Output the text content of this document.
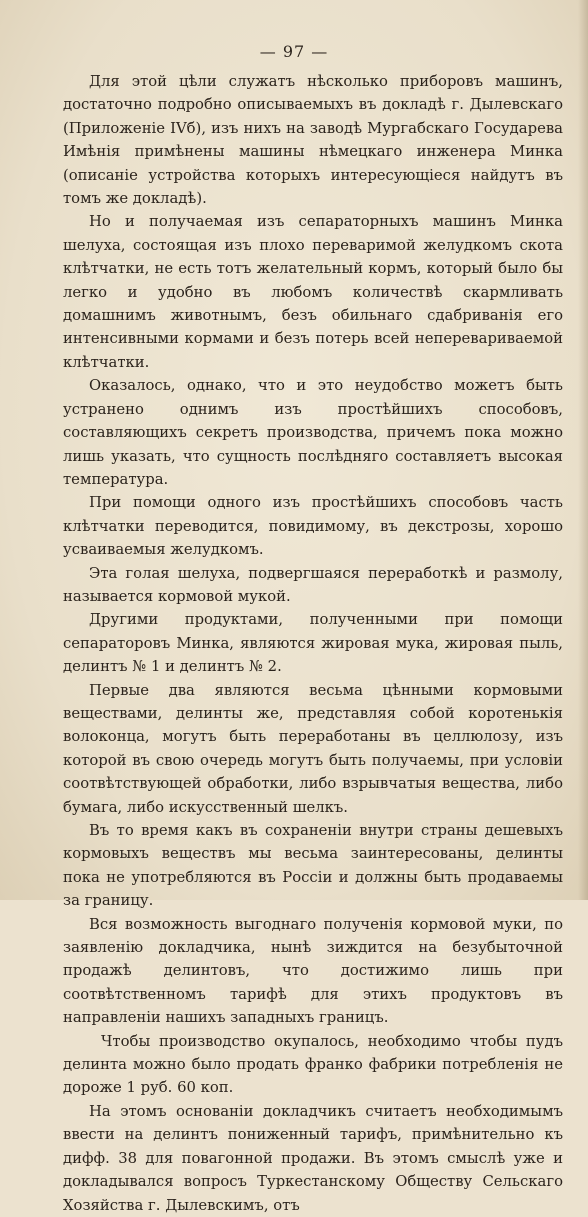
— 97 —

Для этой цѣли служатъ нѣсколько приборовъ машинъ, достаточно подробно описываемыхъ въ докладѣ г. Дылевскаго (Приложеніе IVб), изъ нихъ на заводѣ Мургабскаго Государева Имѣнія примѣнены машины нѣмецкаго инженера Минка (описаніе устройства которыхъ интересующіеся найдутъ въ томъ же докладѣ).

Но и получаемая изъ сепараторныхъ машинъ Минка шелуха, состоящая изъ плохо переваримой желудкомъ скота клѣтчатки, не есть тотъ желательный кормъ, который было бы легко и удобно въ любомъ количествѣ скармливать домашнимъ животнымъ, безъ обильнаго сдабриванія его интенсивными кормами и безъ потерь всей непереваривaемой клѣтчатки.

Оказалось, однако, что и это неудобство можетъ быть устранено однимъ изъ простѣйшихъ способовъ, составляющихъ секретъ производства, причемъ пока можно лишь указать, что сущность послѣдняго составляетъ высокая температура.

При помощи одного изъ простѣйшихъ способовъ часть клѣтчатки переводится, повидимому, въ декстрозы, хорошо усваиваемыя желудкомъ.

Эта голая шелуха, подвергшаяся переработкѣ и размолу, называется кормовой мукой.

Другими продуктами, полученными при помощи сепараторовъ Минка, являются жировая мука, жировая пыль, делинтъ № 1 и делинтъ № 2.

Первые два являются весьма цѣнными кормовыми веществами, делинты же, представляя собой коротенькія волоконца, могутъ быть переработаны въ целлюлозу, изъ которой въ свою очередь могутъ быть получаемы, при условіи соотвѣтствующей обработки, либо взрывчатыя вещества, либо бумага, либо искусственный шелкъ.

Въ то время какъ въ сохраненіи внутри страны дешевыхъ кормовыхъ веществъ мы весьма заинтересованы, делинты пока не употребляются въ Россіи и должны быть продаваемы за границу.

Вся возможность выгоднаго полученія кормовой муки, по заявленію докладчика, нынѣ зиждится на безубыточной продажѣ делинтовъ, что достижимо лишь при соотвѣтственномъ тарифѣ для этихъ продуктовъ въ направленіи нашихъ западныхъ границъ.

Чтобы производство окупалось, необходимо чтобы пудъ делинта можно было продать франко фабрики потребленія не дороже 1 руб. 60 коп.

На этомъ основаніи докладчикъ считаетъ необходимымъ ввести на делинтъ пониженный тарифъ, примѣнительно къ дифф. 38 для повагонной продажи. Въ этомъ смыслѣ уже и докладывался вопросъ Туркестанскому Обществу Сельскаго Хозяйства г. Дылевскимъ, отъ
